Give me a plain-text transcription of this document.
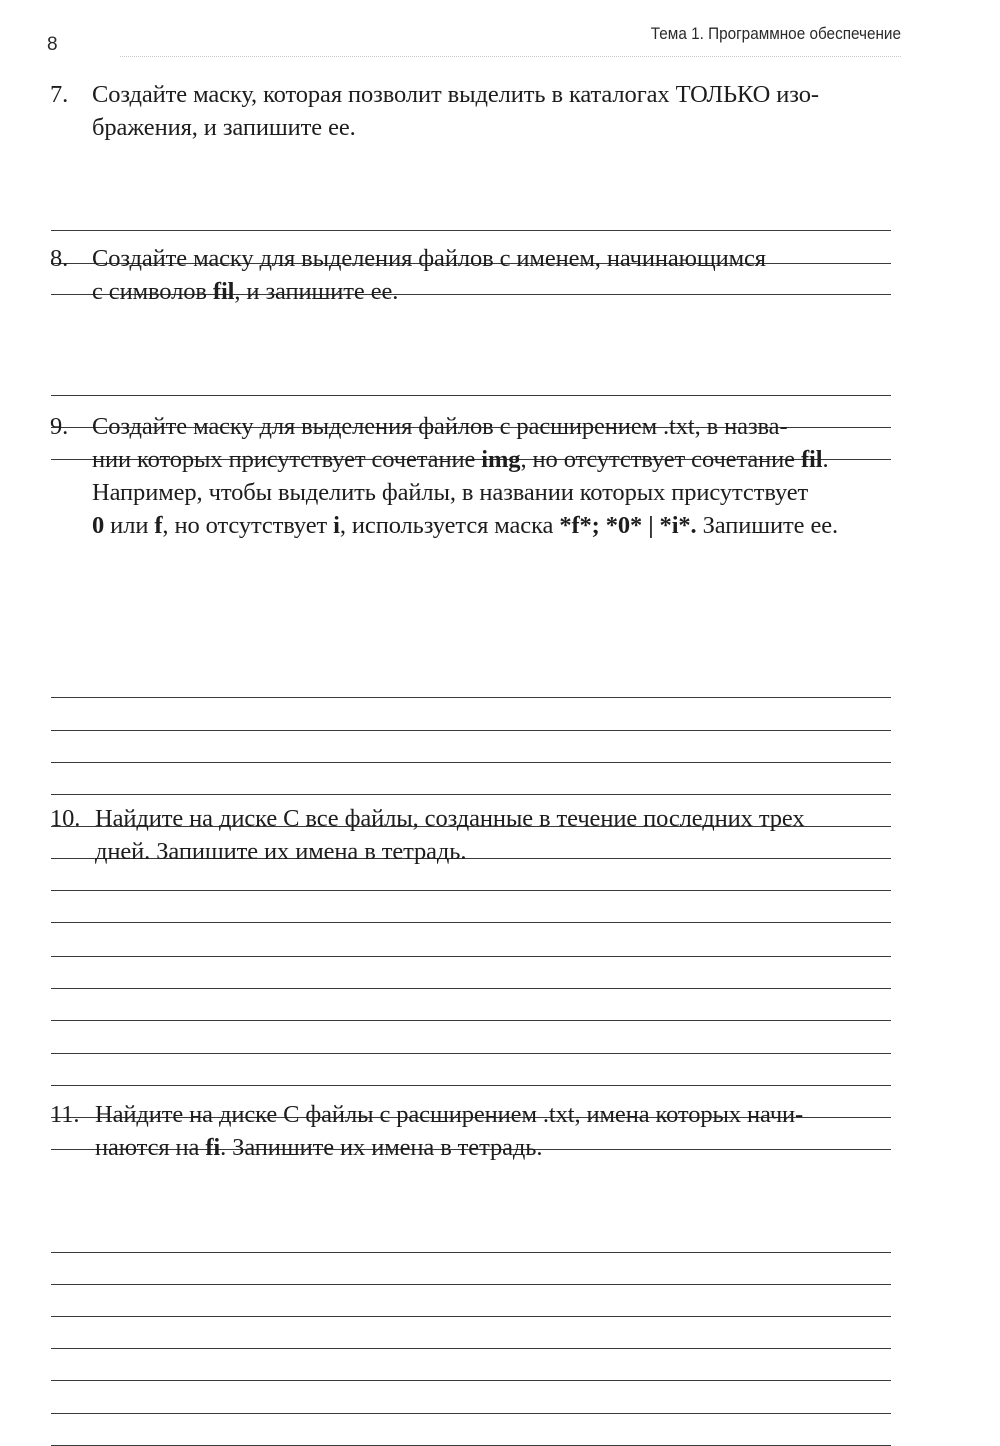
8
Тема 1. Программное обеспечение
7. Создайте маску, которая позволит выделить в каталогах ТОЛЬКО изо-
бражения, и запишите ее.
8. Создайте маску для выделения файлов с именем, начинающимся
с символов fil, и запишите ее.
9. Создайте маску для выделения файлов с расширением .txt, в назва-
нии которых присутствует сочетание img, но отсутствует сочетание fil.
Например, чтобы выделить файлы, в названии которых присутствует
0 или f, но отсутствует i, используется маска *f*; *0* | *i*. Запишите ее.
10. Найдите на диске С все файлы, созданные в течение последних трех
дней. Запишите их имена в тетрадь.
11. Найдите на диске С файлы с расширением .txt, имена которых начи-
наются на fi. Запишите их имена в тетрадь.
